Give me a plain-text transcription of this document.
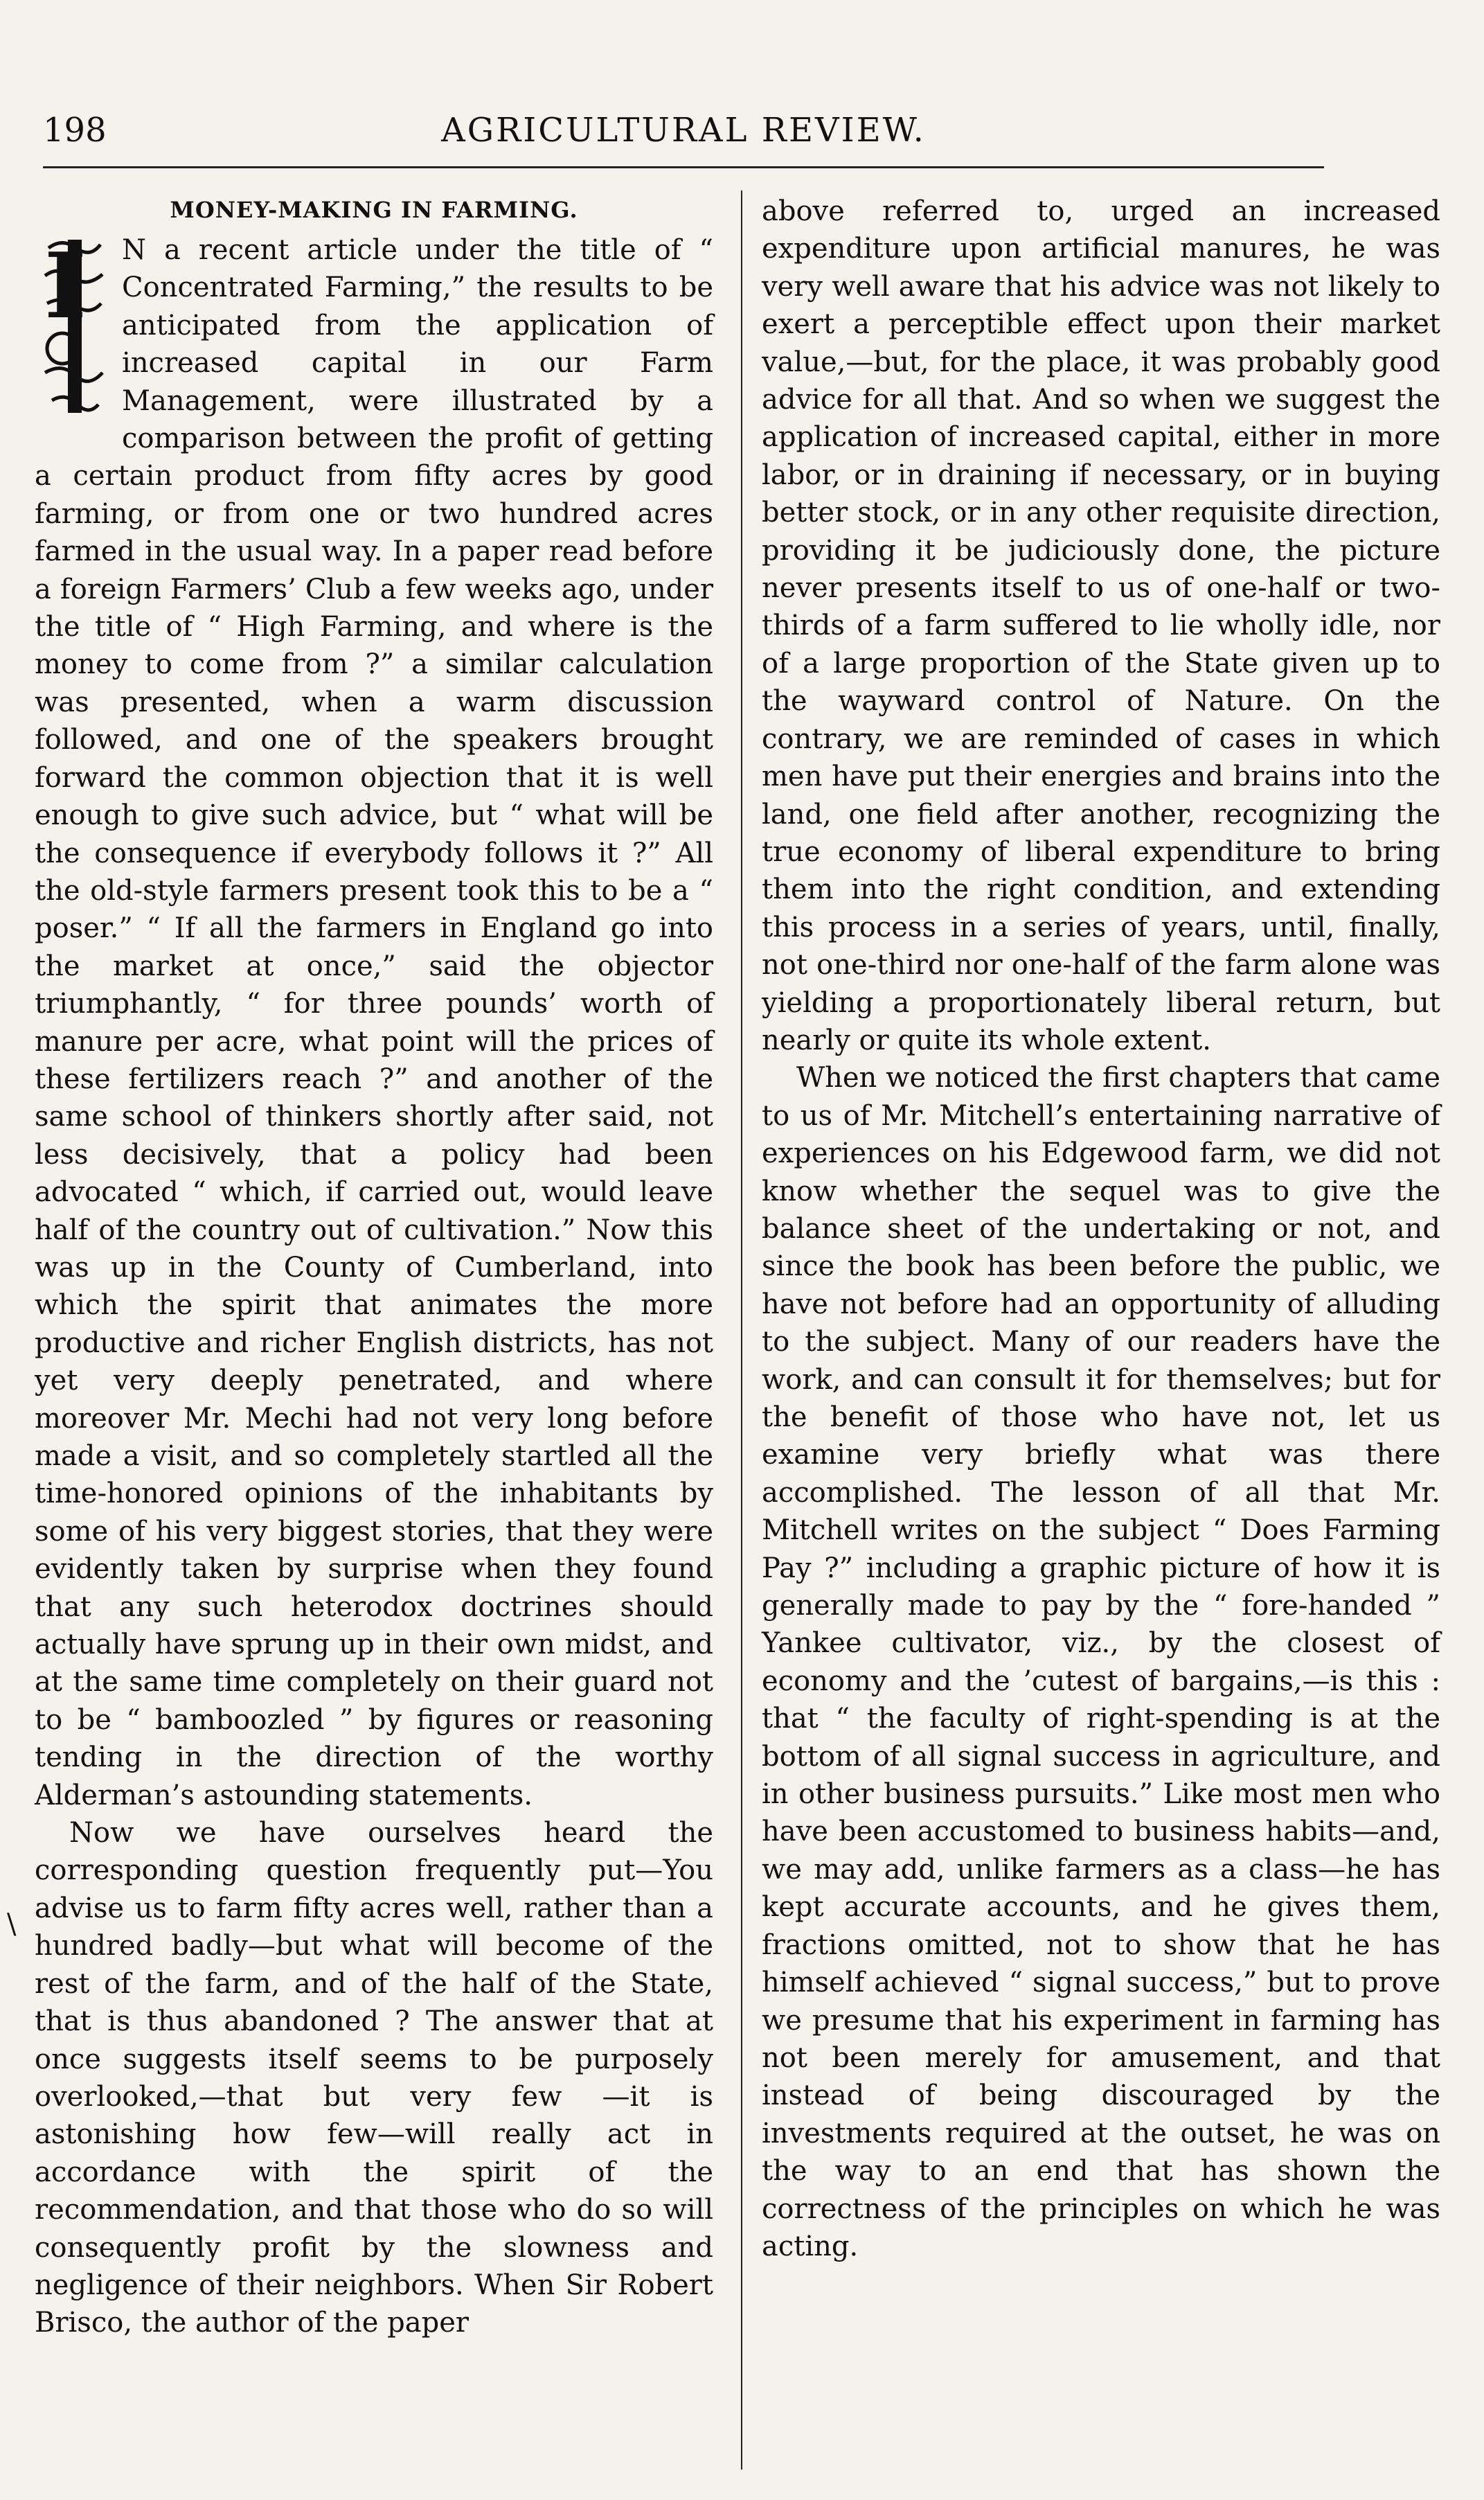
198	AGRICULTURAL REVIEW.
MONEY-MAKING IN FARMING.

I N a recent article under the title of “ Concentrated Farming,” the results to be anticipated from the application of increased capital in our Farm Management, were illustrated by a comparison between the profit of getting a certain product from fifty acres by good farming, or from one or two hundred acres farmed in the usual way. In a paper read before a foreign Farmers’ Club a few weeks ago, under the title of “ High Farming, and where is the money to come from ?” a similar calculation was presented, when a warm discussion followed, and one of the speakers brought forward the common objection that it is well enough to give such advice, but “ what will be the consequence if everybody follows it ?” All the old-style farmers present took this to be a “ poser.” “ If all the farmers in England go into the market at once,” said the objector triumphantly, “ for three pounds’ worth of manure per acre, what point will the prices of these fertilizers reach ?” and another of the same school of thinkers shortly after said, not less decisively, that a policy had been advocated “ which, if carried out, would leave half of the country out of cultivation.” Now this was up in the County of Cumberland, into which the spirit that animates the more productive and richer English districts, has not yet very deeply penetrated, and where moreover Mr. Mechi had not very long before made a visit, and so completely startled all the time-honored opinions of the inhabitants by some of his very biggest stories, that they were evidently taken by surprise when they found that any such heterodox doctrines should actually have sprung up in their own midst, and at the same time completely on their guard not to be “ bamboozled ” by figures or reasoning tending in the direction of the worthy Alderman’s astounding statements.

Now we have ourselves heard the corresponding question frequently put—You advise us to farm fifty acres well, rather than a hundred badly—but what will become of the rest of the farm, and of the half of the State, that is thus abandoned ? The answer that at once suggests itself seems to be purposely overlooked,—that but very few —it is astonishing how few—will really act in accordance with the spirit of the recommendation, and that those who do so will consequently profit by the slowness and negligence of their neighbors. When Sir Robert Brisco, the author of the paper

above referred to, urged an increased expenditure upon artificial manures, he was very well aware that his advice was not likely to exert a perceptible effect upon their market value,—but, for the place, it was probably good advice for all that. And so when we suggest the application of increased capital, either in more labor, or in draining if necessary, or in buying better stock, or in any other requisite direction, providing it be judiciously done, the picture never presents itself to us of one-half or two-thirds of a farm suffered to lie wholly idle, nor of a large proportion of the State given up to the wayward control of Nature. On the contrary, we are reminded of cases in which men have put their energies and brains into the land, one field after another, recognizing the true economy of liberal expenditure to bring them into the right condition, and extending this process in a series of years, until, finally, not one-third nor one-half of the farm alone was yielding a proportionately liberal return, but nearly or quite its whole extent.

When we noticed the first chapters that came to us of Mr. Mitchell’s entertaining narrative of experiences on his Edgewood farm, we did not know whether the sequel was to give the balance sheet of the undertaking or not, and since the book has been before the public, we have not before had an opportunity of alluding to the subject. Many of our readers have the work, and can consult it for themselves; but for the benefit of those who have not, let us examine very briefly what was there accomplished. The lesson of all that Mr. Mitchell writes on the subject “ Does Farming Pay ?” including a graphic picture of how it is generally made to pay by the “ fore-handed ” Yankee cultivator, viz., by the closest of economy and the ’cutest of bargains,—is this : that “ the faculty of right-spending is at the bottom of all signal success in agriculture, and in other business pursuits.” Like most men who have been accustomed to business habits—and, we may add, unlike farmers as a class—he has kept accurate accounts, and he gives them, fractions omitted, not to show that he has himself achieved “ signal success,” but to prove we presume that his experiment in farming has not been merely for amusement, and that instead of being discouraged by the investments required at the outset, he was on the way to an end that has shown the correctness of the principles on which he was acting.

\
